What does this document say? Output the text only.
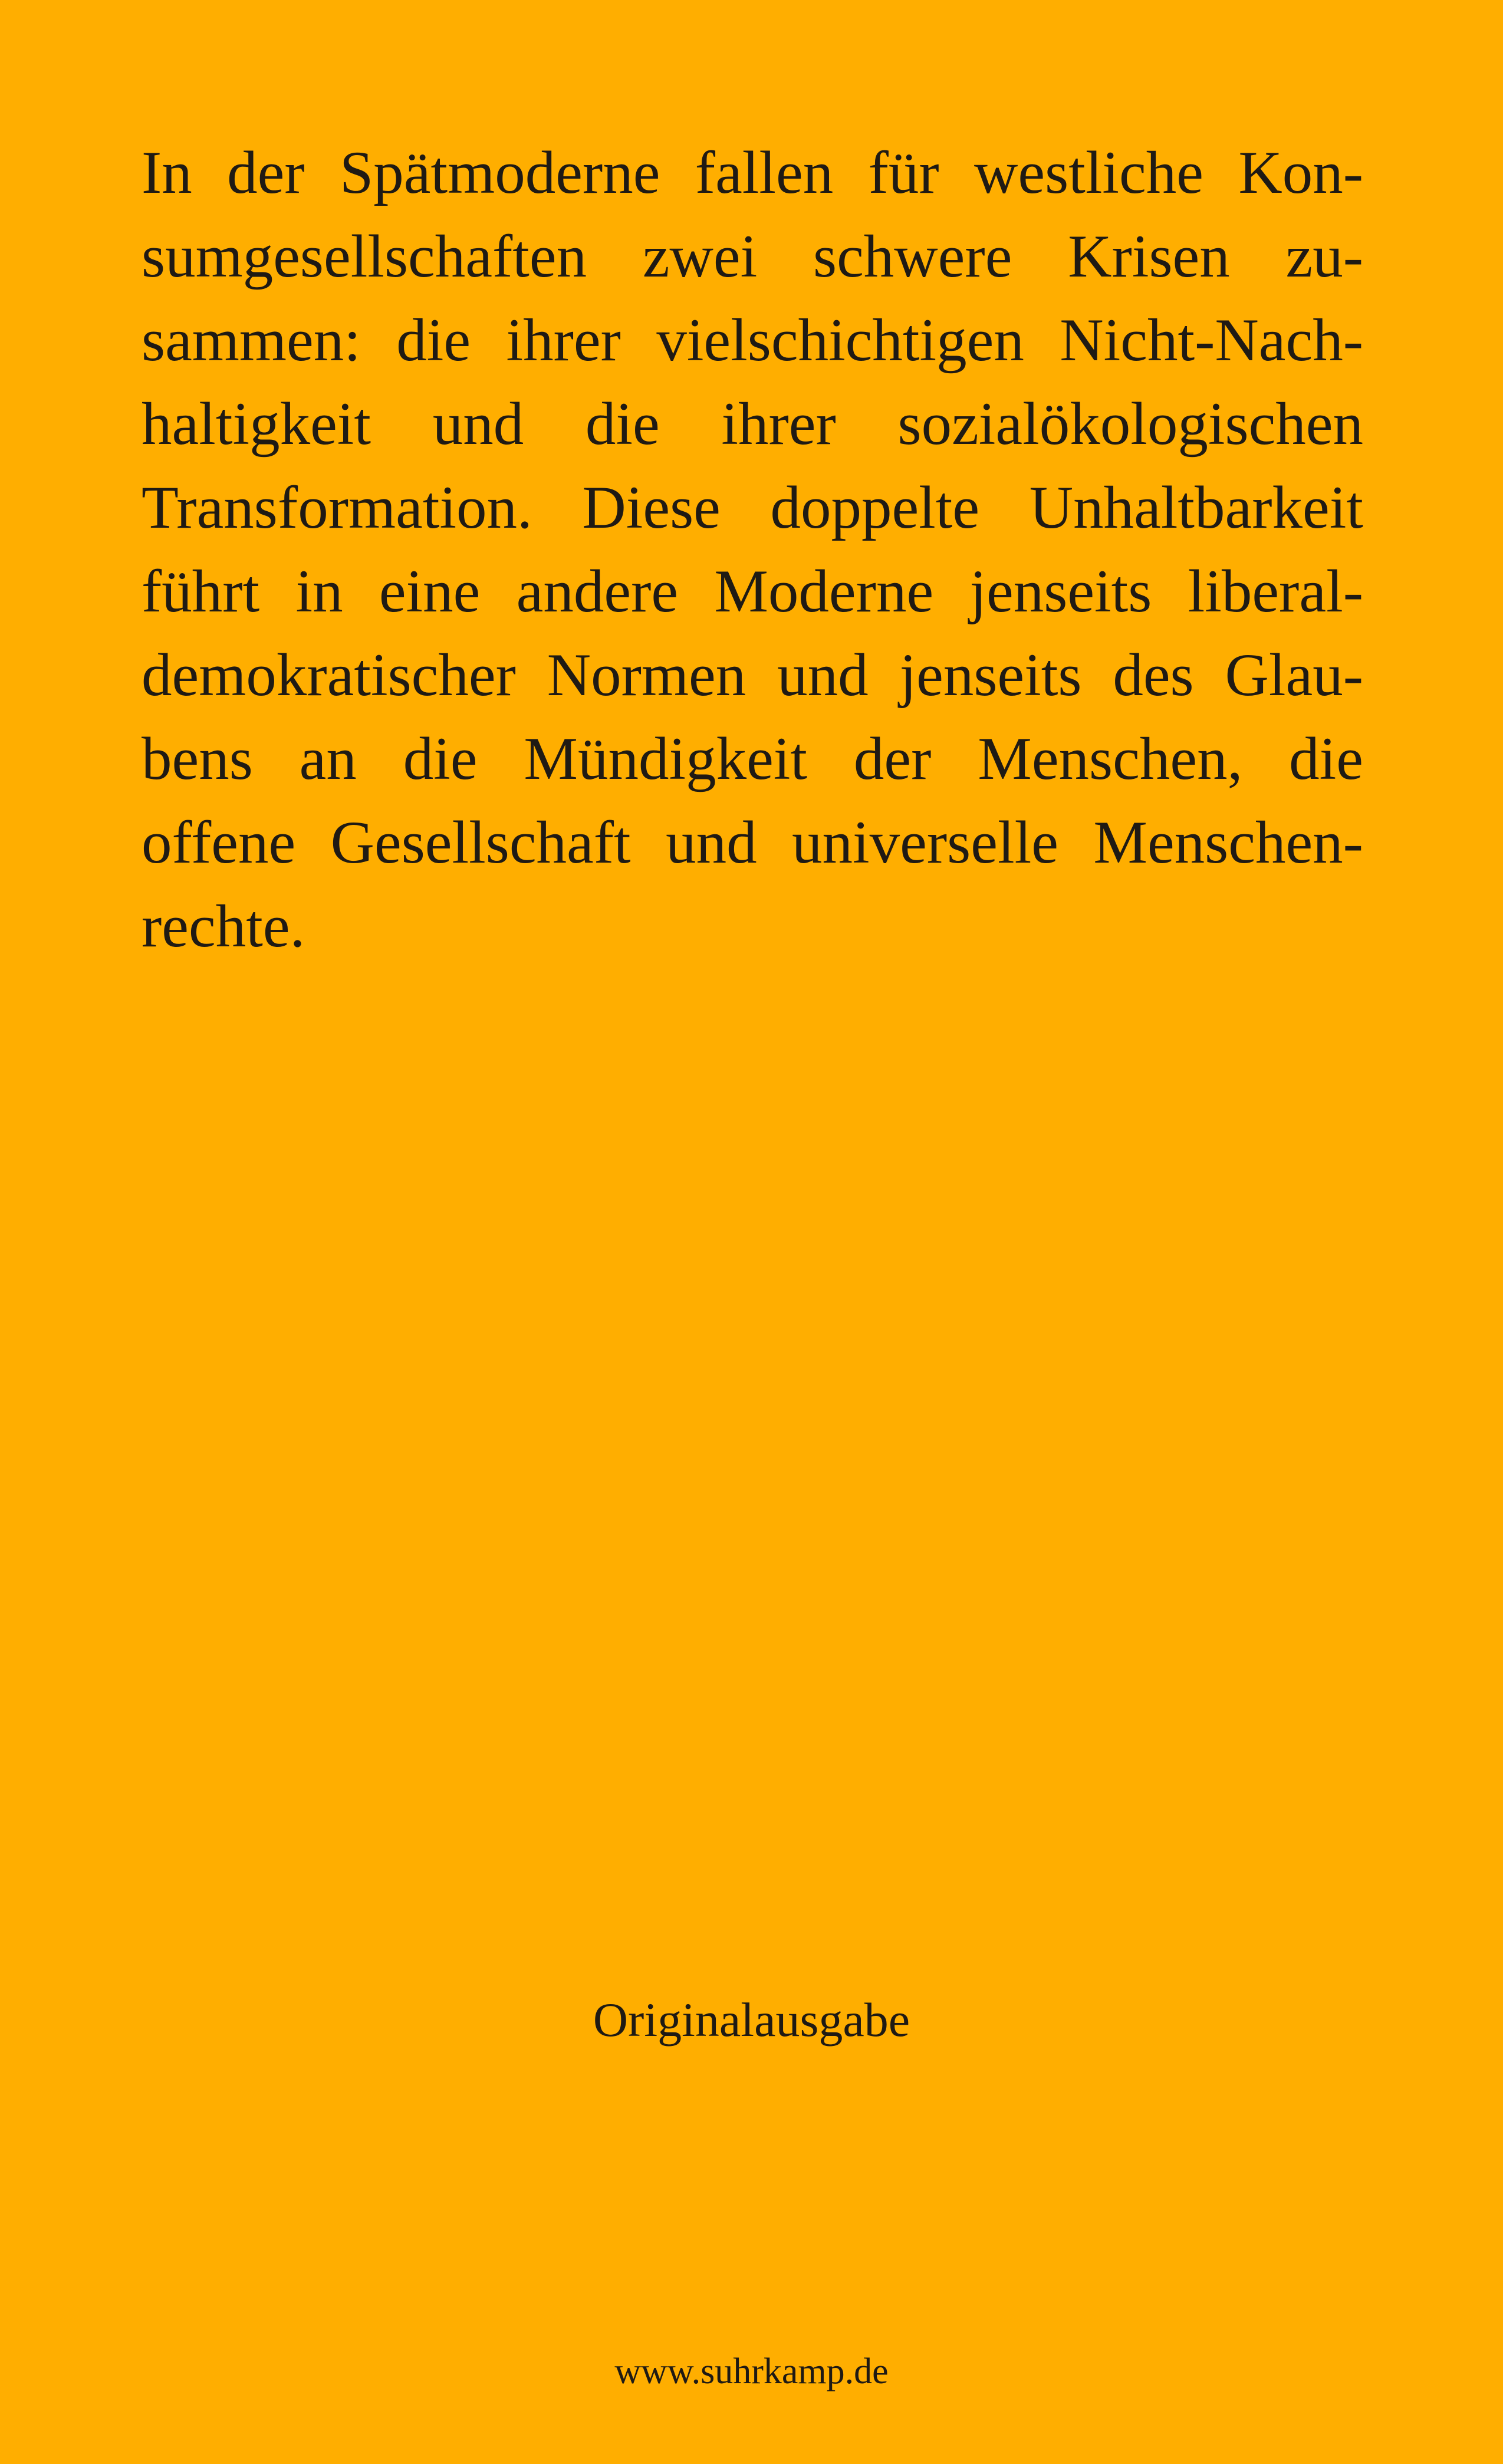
In der Spätmoderne fallen für westliche Kon-
sumgesellschaften zwei schwere Krisen zu-
sammen: die ihrer vielschichtigen Nicht-Nach-
haltigkeit und die ihrer sozialökologischen
Transformation. Diese doppelte Unhaltbarkeit
führt in eine andere Moderne jenseits liberal-
demokratischer Normen und jenseits des Glau-
bens an die Mündigkeit der Menschen, die
offene Gesellschaft und universelle Menschen-
rechte.
Originalausgabe
www.suhrkamp.de
